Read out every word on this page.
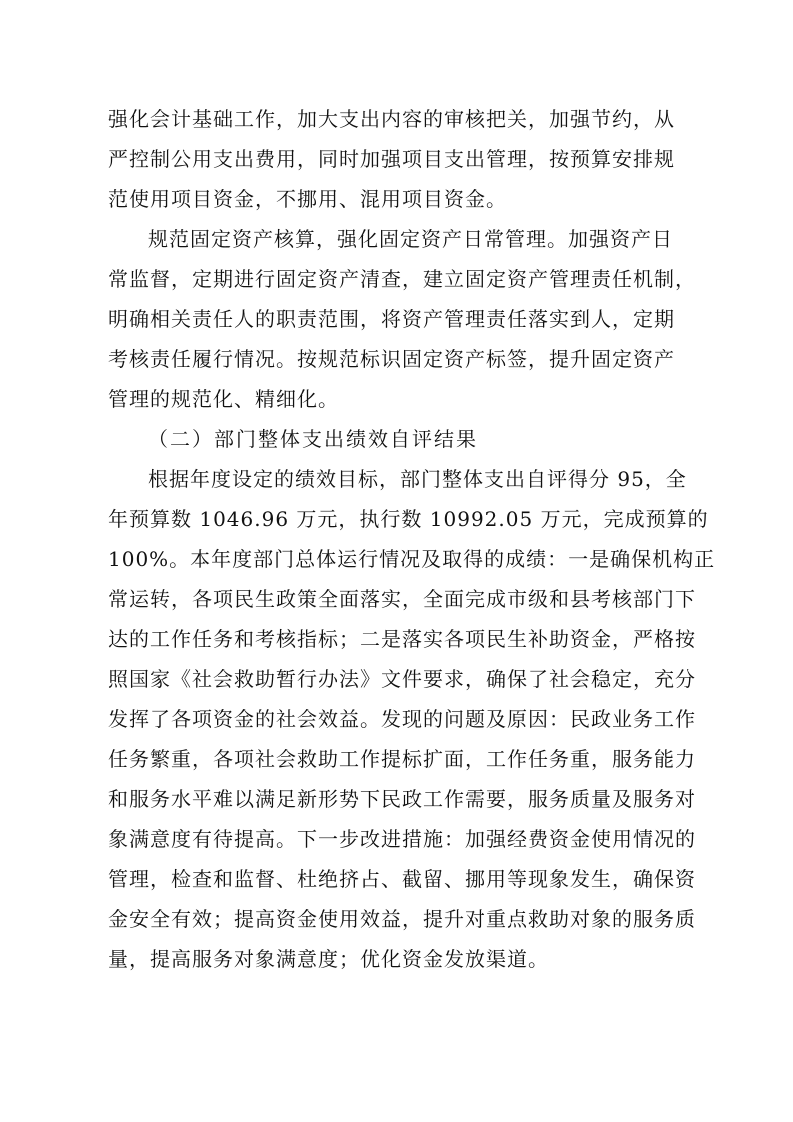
强化会计基础工作，加大支出内容的审核把关，加强节约，从
严控制公用支出费用，同时加强项目支出管理，按预算安排规
范使用项目资金，不挪用、混用项目资金。
规范固定资产核算，强化固定资产日常管理。加强资产日
常监督，定期进行固定资产清查，建立固定资产管理责任机制，
明确相关责任人的职责范围，将资产管理责任落实到人，定期
考核责任履行情况。按规范标识固定资产标签，提升固定资产
管理的规范化、精细化。
（二）部门整体支出绩效自评结果
根据年度设定的绩效目标，部门整体支出自评得分 95，全
年预算数 1046.96 万元，执行数 10992.05 万元，完成预算的
100%。本年度部门总体运行情况及取得的成绩：一是确保机构正
常运转，各项民生政策全面落实，全面完成市级和县考核部门下
达的工作任务和考核指标；二是落实各项民生补助资金，严格按
照国家《社会救助暂行办法》文件要求，确保了社会稳定，充分
发挥了各项资金的社会效益。发现的问题及原因：民政业务工作
任务繁重，各项社会救助工作提标扩面，工作任务重，服务能力
和服务水平难以满足新形势下民政工作需要，服务质量及服务对
象满意度有待提高。下一步改进措施：加强经费资金使用情况的
管理，检查和监督、杜绝挤占、截留、挪用等现象发生，确保资
金安全有效；提高资金使用效益，提升对重点救助对象的服务质
量，提高服务对象满意度；优化资金发放渠道。
